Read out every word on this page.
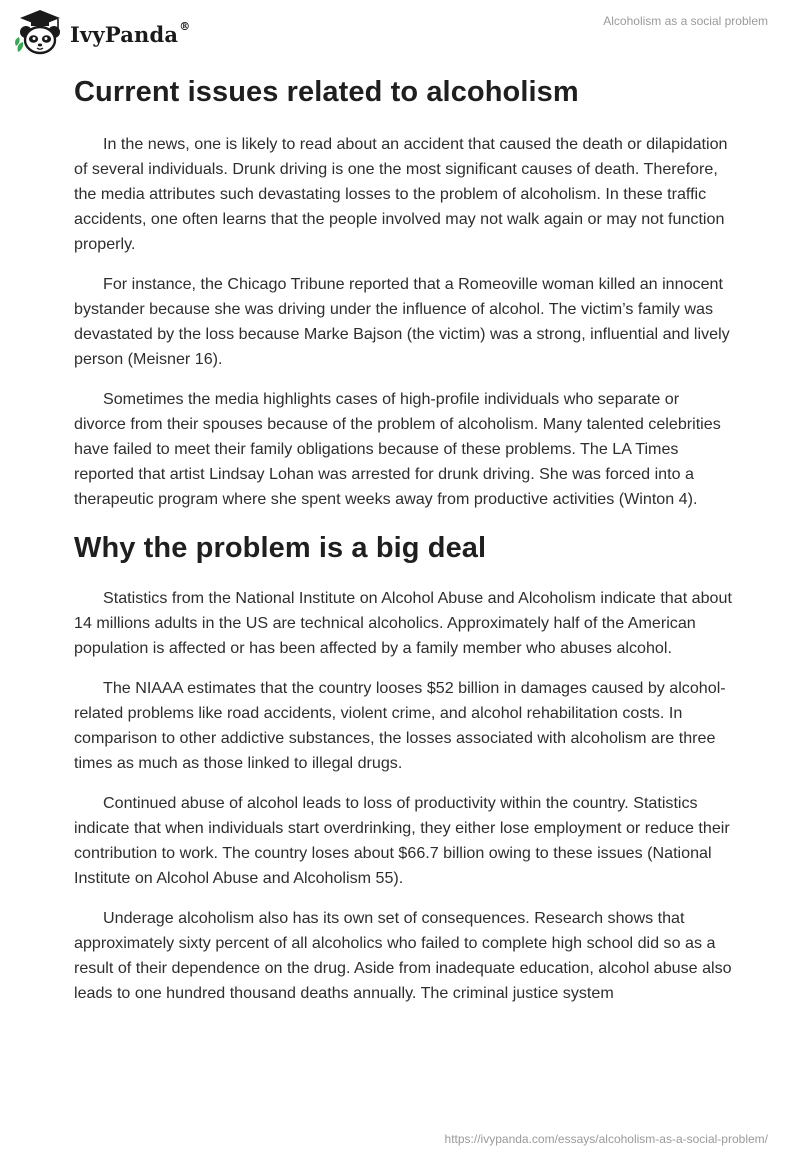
IvyPanda®	Alcoholism as a social problem
Current issues related to alcoholism

In the news, one is likely to read about an accident that caused the death or dilapidation of several individuals. Drunk driving is one the most significant causes of death. Therefore, the media attributes such devastating losses to the problem of alcoholism. In these traffic accidents, one often learns that the people involved may not walk again or may not function properly.

For instance, the Chicago Tribune reported that a Romeoville woman killed an innocent bystander because she was driving under the influence of alcohol. The victim’s family was devastated by the loss because Marke Bajson (the victim) was a strong, influential and lively person (Meisner 16).

Sometimes the media highlights cases of high-profile individuals who separate or divorce from their spouses because of the problem of alcoholism. Many talented celebrities have failed to meet their family obligations because of these problems. The LA Times reported that artist Lindsay Lohan was arrested for drunk driving. She was forced into a therapeutic program where she spent weeks away from productive activities (Winton 4).

Why the problem is a big deal

Statistics from the National Institute on Alcohol Abuse and Alcoholism indicate that about 14 millions adults in the US are technical alcoholics. Approximately half of the American population is affected or has been affected by a family member who abuses alcohol.

The NIAAA estimates that the country looses $52 billion in damages caused by alcohol-related problems like road accidents, violent crime, and alcohol rehabilitation costs. In comparison to other addictive substances, the losses associated with alcoholism are three times as much as those linked to illegal drugs.

Continued abuse of alcohol leads to loss of productivity within the country. Statistics indicate that when individuals start overdrinking, they either lose employment or reduce their contribution to work. The country loses about $66.7 billion owing to these issues (National Institute on Alcohol Abuse and Alcoholism 55).

Underage alcoholism also has its own set of consequences. Research shows that approximately sixty percent of all alcoholics who failed to complete high school did so as a result of their dependence on the drug. Aside from inadequate education, alcohol abuse also leads to one hundred thousand deaths annually. The criminal justice system

https://ivypanda.com/essays/alcoholism-as-a-social-problem/
